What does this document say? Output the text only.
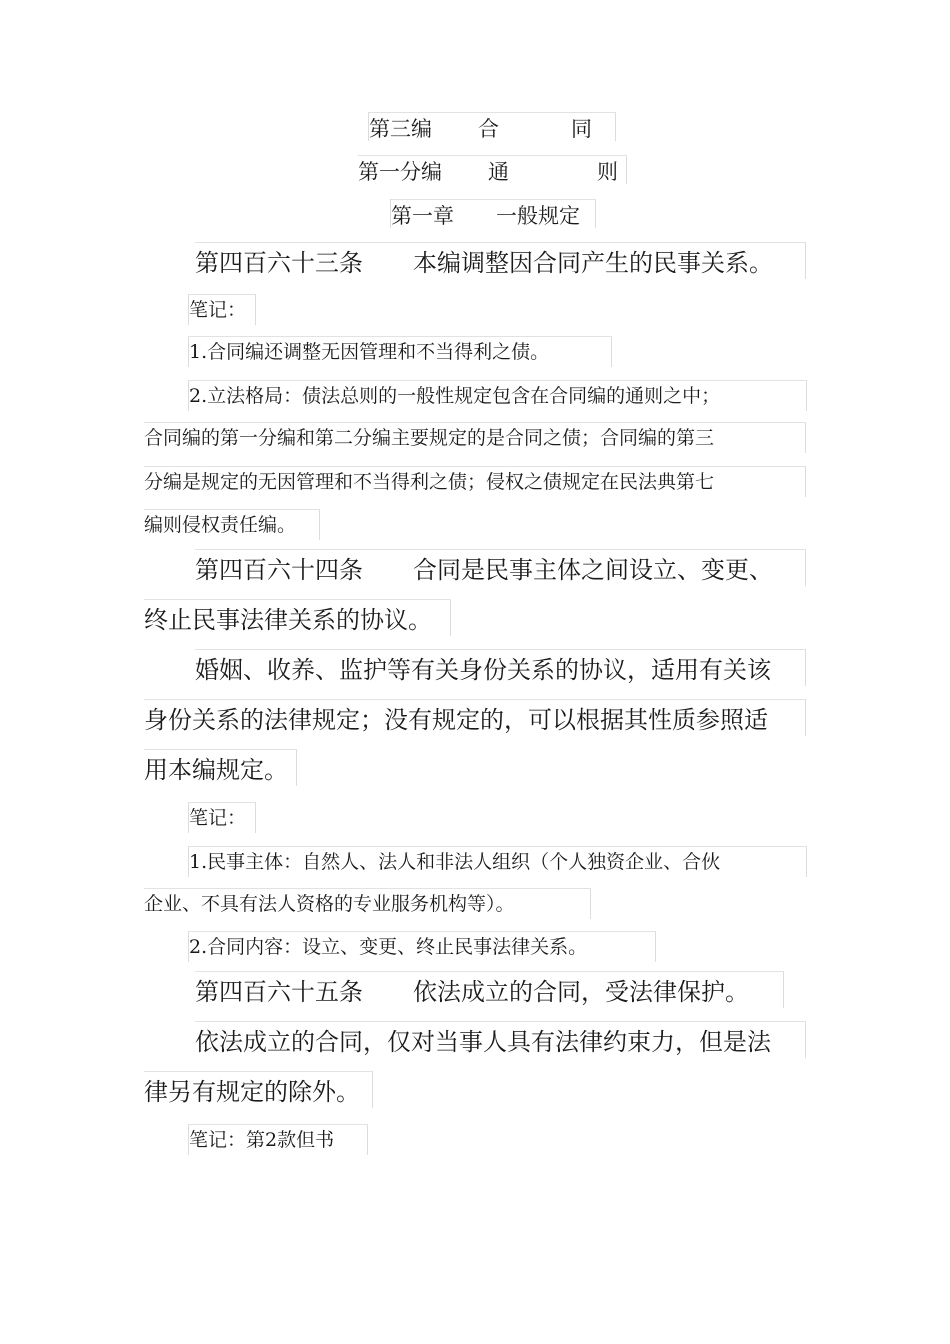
第三编 合	同
第一分编 通	则
第一章 一般规定
第四百六十三条 本编调整因合同产生的民事关系。
笔记：
1.合同编还调整无因管理和不当得利之债。
2.立法格局：债法总则的一般性规定包含在合同编的通则之中；
合同编的第一分编和第二分编主要规定的是合同之债；合同编的第三
分编是规定的无因管理和不当得利之债；侵权之债规定在民法典第七
编则侵权责任编。
第四百六十四条 合同是民事主体之间设立、变更、
终止民事法律关系的协议。
婚姻、收养、监护等有关身份关系的协议，适用有关该
身份关系的法律规定；没有规定的，可以根据其性质参照适
用本编规定。
笔记：
1.民事主体：自然人、法人和非法人组织（个人独资企业、合伙
企业、不具有法人资格的专业服务机构等）。
2.合同内容：设立、变更、终止民事法律关系。
第四百六十五条 依法成立的合同，受法律保护。
依法成立的合同，仅对当事人具有法律约束力，但是法
律另有规定的除外。
笔记：第2款但书
